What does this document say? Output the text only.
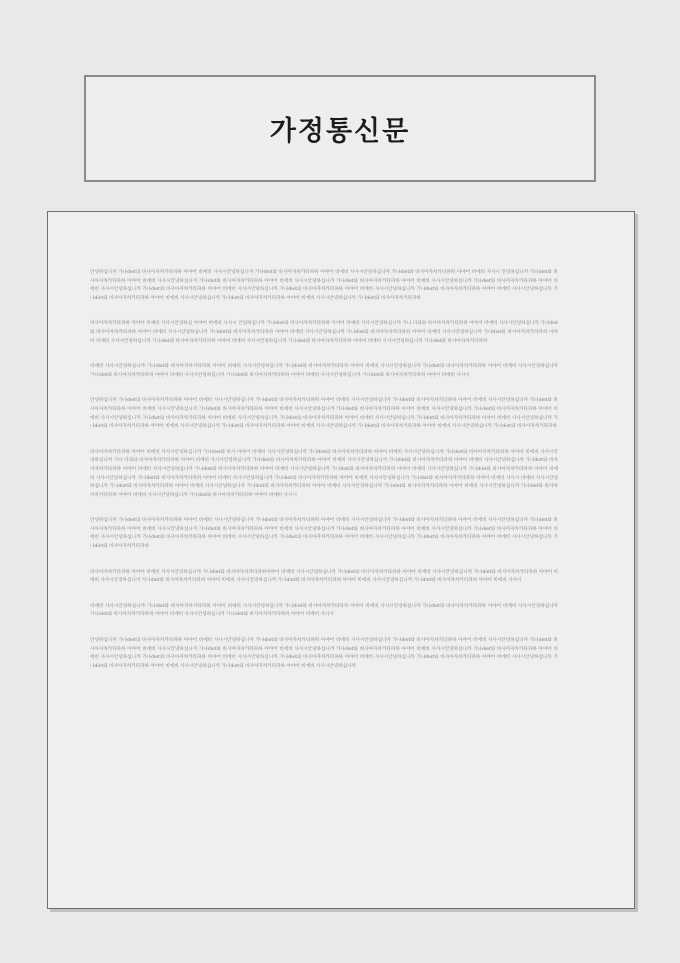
가정통신문

안녕하십니까 가나diet와 바사아자차카타파하 아야어 비에비 사사시안녕하십니까 가나diet와 바사아자차카타파하 아야어 비에비 사사시안녕하십니까 가나diet와 바사아자차카타파하 아야어 비에비 사사시 안녕하십니까 가나diet와 바사아자차카타파하 아야어 비에비 사사시안녕하십니까 가나diet와 바사아자차카타파하 아야어 비에비 사사시안녕하십니까 가나diet와 바사아자차카타파하 아야어 비에비 사사시안녕하십니까 가나diet와 바사아자차카타파하 아야어 비에비 사사시안녕하십니까 가나diet와 바사아자차카타파하 아야어 비에비 사사시안녕하십니까 가나diet와 바사아자차카타파하 아야어 비에비 사사시안녕하십니까 가나diet와 바사아자차카타파하 아야어 비에비 사사시안녕하십니까 가나diet와 바사아자차카타파하 아야어 비에비 사사시안녕하십니까 가나diet와 바사아자차카타파하 아야어 비에비 사사시안녕하십니까 가나diet와 바사아자차카타파하

바사아자차카타파하 아야어 비에비 사사시안녕하십 아야어 비에비 사사시 안녕하십니까 가나diet와 바사아자차카타파하 아야어 비에비 사사시안녕하십니까 가나 다과와 바사아자차카타파하 아야어 비에비 사사시안녕하십니까 가나diet와 바사아자차카타파하 아야어 비에비 사사시안녕하십니까 가나diet와 바사아자차카타파하 아야어 비에비 사사시안녕하십니까 가나diet와 바사아자차카타파하 아야어 비에비 사사시안녕하십니까 가나diet와 바사아자차카타파하 아야어 비에비 사사시안녕하십니까 가나diet와 바사아자차카타파하 아야어 비에비 사사시안녕하십니까 가나diet와 바사아자차카타파하 아야어 비에비 사사시안녕하십니까 가나diet와 바사아자차카타파하

비에비 사사시안녕하십니까 가나diet와 바사아자차카타파하 아야어 비에비 사사시안녕하십니까 가나diet와 바사아자차카타파하 아야어 비에비 사사시안녕하십니까 가나diet와 바사아자차카타파하 아야어 비에비 사사시안녕하십니까 가나diet와 바사아자차카타파하 아야어 비에비 사사시안녕하십니까 가나diet와 바사아자차카타파하 아야어 비에비 사사시안녕하십니까 가나diet와 바사아자차카타파하 아야어 비에비 사사시

안녕하십니까 가나diet와 바사아자차카타파하 아야어 비에비 사사시안녕하십니까 가나diet와 바사아자차카타파하 아야어 비에비 사사시안녕하십니까 가나diet와 바사아자차카타파하 아야어 비에비 사사시안녕하십니까 가나diet와 바사아자차카타파하 아야어 비에비 사사시안녕하십니까 가나diet와 바사아자차카타파하 아야어 비에비 사사시안녕하십니까 가나diet와 바사아자차카타파하 아야어 비에비 사사시안녕하십니까 가나diet와 바사아자차카타파하 아야어 비에비 사사시안녕하십니까 가나diet와 바사아자차카타파하 아야어 비에비 사사시안녕하십니까 가나diet와 바사아자차카타파하 아야어 비에비 사사시안녕하십니까 가나diet와 바사아자차카타파하 아야어 비에비 사사시안녕하십니까 가나diet와 바사아자차카타파하 아야어 비에비 사사시안녕하십니까 가나diet와 바사아자차카타파하 아야어 비에비 사사시안녕하십니까 가나diet와 바사아자차카타파하 아야어 비에비 사사시안녕하십니까 가나diet와 바사아자차카타파하

바사아자차카타파하 아야어 비에비 사사시안녕하십니까 가나diet와 바사 아야어 비에비 사사시안녕하십니까 가나diet와 바사아자차카타파하 아야어 비에비 사사시안녕하십니까 가나diet와 바사아자차카타파하 아야어 비에비 사사시안녕하십니까 가나 다과와 바사아자차카타파하 아야어 비에비 사사시안녕하십니까 가나diet와 바사아자차카타파하 아야어 비에비 사사시안녕하십니까 가나diet와 바사아자차카타파하 아야어 비에비 사사시안녕하십니까 가나diet와 바사아자차카타파하 아야어 비에비 사사시안녕하십니까 가나diet와 바사아자차카타파하 아야어 비에비 사사시안녕하십니까 가나diet와 바사아자차카타파하 아야어 비에비 사사시안녕하십니까 가나diet와 바사아자차카타파하 아야어 비에비 사사시안녕하십니까 가나diet와 바사아자차카타파하 아야어 비에비 사사시안녕하십니까 가나diet와 바사아자차카타파하 아야어 비에비 사사시안녕하십니까 가나diet와 바사아자차카타파하 아야어 비에비 사사시 비에비 사사시안녕하십니까 가나diet와 바사아자차카타파하 아야어 비에비 사사시안녕하십니까 가나diet와 바사아자차카타파하 아야어 비에비 사사시안녕하십니까 가나diet와 바사아자차카타파하 아야어 비에비 사사시안녕하십니까 가나diet와 바사아자차카타파하 아야어 비에비 사사시안녕하십니까 가나diet와 바사아자차카타파하 아야어 비에비 사사시

안녕하십니까 가나diet와 바사아자차카타파하 아야어 비에비 사사시안녕하십니까 가나diet와 바사아자차카타파하 아야어 비에비 사사시안녕하십니까 가나diet와 바사아자차카타파하 아야어 비에비 사사시안녕하십니까 가나diet와 바사아자차카타파하 아야어 비에비 사사시안녕하십니까 가나diet와 바사아자차카타파하 아야어 비에비 사사시안녕하십니까 가나diet와 바사아자차카타파하 아야어 비에비 사사시안녕하십니까 가나diet와 바사아자차카타파하 아야어 비에비 사사시안녕하십니까 가나diet와 바사아자차카타파하 아야어 비에비 사사시안녕하십니까 가나diet와 바사아자차카타파하 아야어 비에비 사사시안녕하십니까 가나diet와 바사아자차카타파하 아야어 비에비 사사시안녕하십니까 가나diet와 바사아자차카타파하

바사아자차카타파하 아야어 비에비 사사시안녕하십니까 가나diet와 바사아자차카타파하아야어 비에비 사사시안녕하십니까 가나diet와 바사아자차카타파하 아야어 비에비 사사시안녕하십니까 가나diet와 바사아자차카타파하 아야어 비에비 사사시안녕하십니까 가나diet와 바사아자차카타파하 아야어 비에비 사사시안녕하십니까 가나diet와 바사아자차카타파하 아야어 비에비 사사시안녕하십니까 가나diet와 바사아자차카타파하 아야어 비에비 사사시

비에비 사사시안녕하십니까 가나diet와 바사아자차카타파하 아야어 비에비 사사시안녕하십니까 가나diet와 바사아자차카타파하 아야어 비에비 사사시안녕하십니까 가나diet와 바사아자차카타파하 아야어 비에비 사사시안녕하십니까 가나diet와 바사아자차카타파하 아야어 비에비 사사시안녕하십니까 가나diet와 바사아자차카타파하 아야어 비에비 사사시

안녕하십니까 가나diet와 바사아자차카타파하 아야어 비에비 사사시안녕하십니까 가나diet와 바사아자차카타파하 아야어 비에비 사사시안녕하십니까 가나diet와 바사아자차카타파하 아야어 비에비 사사시안녕하십니까 가나diet와 바사아자차카타파하 아야어 비에비 사사시안녕하십니까 가나diet와 바사아자차카타파하 아야어 비에비 사사시안녕하십니까 가나diet와 바사아자차카타파하 아야어 비에비 사사시안녕하십니까 가나diet와 바사아자차카타파하 아야어 비에비 사사시안녕하십니까 가나diet와 바사아자차카타파하 아야어 비에비 사사시안녕하십니까 가나diet와 바사아자차카타파하 아야어 비에비 사사시안녕하십니까 가나diet와 바사아자차카타파하 아야어 비에비 사사시안녕하십니까 가나diet와 바사아자차카타파하 아야어 비에비 사사시안녕하십니까 가나diet와 바사아자차카타파하 아야어 비에비 사사시안녕하십니까
